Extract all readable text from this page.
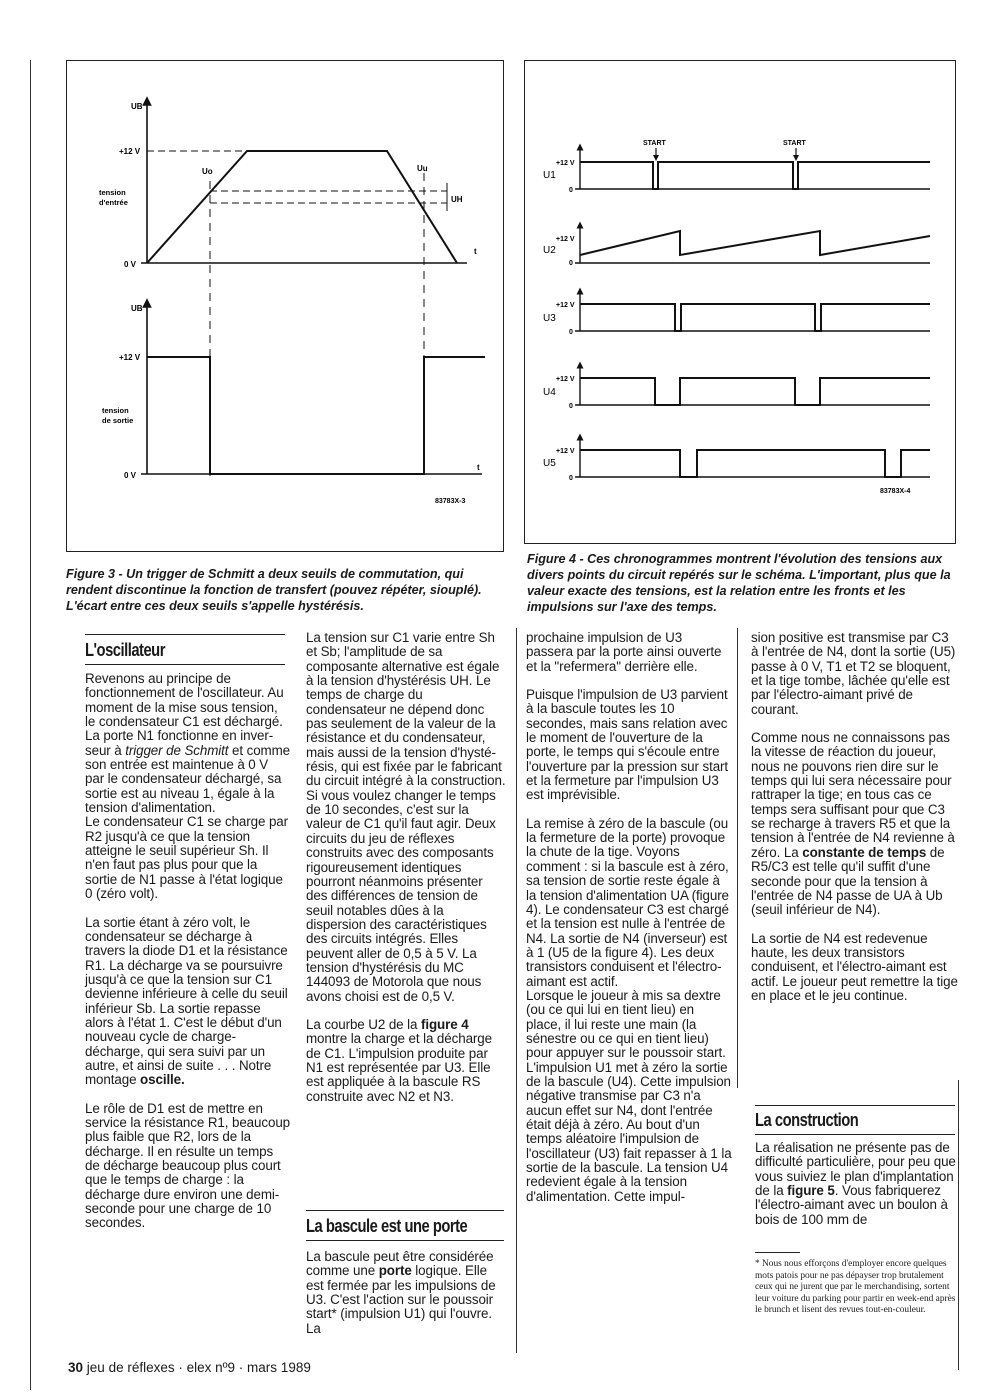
UB
+12 V
tension
d'entrée
0 V
Uo	Uu
UH
t
UB
+12 V
tension
de sortie
0 V
t
83783X-3

Figure 3 - Un trigger de Schmitt a deux seuils de commutation, qui rendent discontinue la fonction de transfert (pouvez répéter, sioupIé). L'écart entre ces deux seuils s'appelle hystérésis.

START	START
+12 V
U1
0
+12 V
U2
0
+12 V
U3
0
+12 V
U4
0
+12 V
U5
0
83783X-4

Figure 4 - Ces chronogrammes montrent l'évolution des tensions aux divers points du circuit repérés sur le schéma. L'important, plus que la valeur exacte des tensions, est la relation entre les fronts et les impulsions sur l'axe des temps.

L'oscillateur

Revenons au principe de fonctionnement de l'oscillateur. Au moment de la mise sous tension, le condensateur C1 est déchargé. La porte N1 fonctionne en inverseur à trigger de Schmitt et comme son entrée est maintenue à 0 V par le condensateur déchargé, sa sortie est au niveau 1, égale à la tension d'alimentation.

Le condensateur C1 se charge par R2 jusqu'à ce que la tension atteigne le seuil supérieur Sh. Il n'en faut pas plus pour que la sortie de N1 passe à l'état logique 0 (zéro volt).

La sortie étant à zéro volt, le condensateur se décharge à travers la diode D1 et la résistance R1. La décharge va se poursuivre jusqu'à ce que la tension sur C1 devienne inférieure à celle du seuil inférieur Sb. La sortie repasse alors à l'état 1. C'est le début d'un nouveau cycle de charge-décharge, qui sera suivi par un autre, et ainsi de suite . . . Notre montage oscille.

Le rôle de D1 est de mettre en service la résistance R1, beaucoup plus faible que R2, lors de la décharge. Il en résulte un temps de décharge beaucoup plus court que le temps de charge : la décharge dure environ une demi-seconde pour une charge de 10 secondes.

La tension sur C1 varie entre Sh et Sb; l'amplitude de sa composante alternative est égale à la tension d'hystérésis UH. Le temps de charge du condensateur ne dépend donc pas seulement de la valeur de la résistance et du condensateur, mais aussi de la tension d'hystérésis, qui est fixée par le fabricant du circuit intégré à la construction. Si vous voulez changer le temps de 10 secondes, c'est sur la valeur de C1 qu'il faut agir. Deux circuits du jeu de réflexes construits avec des composants rigoureusement identiques pourront néanmoins présenter des différences de tension de seuil notables dûes à la dispersion des caractéristiques des circuits intégrés. Elles peuvent aller de 0,5 à 5 V. La tension d'hystérésis du MC 144093 de Motorola que nous avons choisi est de 0,5 V.

La courbe U2 de la figure 4 montre la charge et la décharge de C1. L'impulsion produite par N1 est représentée par U3. Elle est appliquée à la bascule RS construite avec N2 et N3.

La bascule est une porte

La bascule peut être considérée comme une porte logique. Elle est fermée par les impulsions de U3. C'est l'action sur le poussoir start* (impulsion U1) qui l'ouvre. La

prochaine impulsion de U3 passera par la porte ainsi ouverte et la "refermera" derrière elle.

Puisque l'impulsion de U3 parvient à la bascule toutes les 10 secondes, mais sans relation avec le moment de l'ouverture de la porte, le temps qui s'écoule entre l'ouverture par la pression sur start et la fermeture par l'impulsion U3 est imprévisible.

La remise à zéro de la bascule (ou la fermeture de la porte) provoque la chute de la tige. Voyons comment : si la bascule est à zéro, sa tension de sortie reste égale à la tension d'alimentation UA (figure 4). Le condensateur C3 est chargé et la tension est nulle à l'entrée de N4. La sortie de N4 (inverseur) est à 1 (U5 de la figure 4). Les deux transistors conduisent et l'électro-aimant est actif.

Lorsque le joueur à mis sa dextre (ou ce qui lui en tient lieu) en place, il lui reste une main (la sénestre ou ce qui en tient lieu) pour appuyer sur le poussoir start.

L'impulsion U1 met à zéro la sortie de la bascule (U4). Cette impulsion négative transmise par C3 n'a aucun effet sur N4, dont l'entrée était déjà à zéro. Au bout d'un temps aléatoire l'impulsion de l'oscillateur (U3) fait repasser à 1 la sortie de la bascule. La tension U4 redevient égale à la tension d'alimentation. Cette impul-

sion positive est transmise par C3 à l'entrée de N4, dont la sortie (U5) passe à 0 V, T1 et T2 se bloquent, et la tige tombe, lâchée qu'elle est par l'électro-aimant privé de courant.

Comme nous ne connaissons pas la vitesse de réaction du joueur, nous ne pouvons rien dire sur le temps qui lui sera nécessaire pour rattraper la tige; en tous cas ce temps sera suffisant pour que C3 se recharge à travers R5 et que la tension à l'entrée de N4 revienne à zéro. La constante de temps de R5/C3 est telle qu'il suffit d'une seconde pour que la tension à l'entrée de N4 passe de UA à Ub (seuil inférieur de N4).

La sortie de N4 est redevenue haute, les deux transistors conduisent, et l'électro-aimant est actif. Le joueur peut remettre la tige en place et le jeu continue.

La construction

La réalisation ne présente pas de difficulté particulière, pour peu que vous suiviez le plan d'implantation de la figure 5. Vous fabriquerez l'électro-aimant avec un boulon à bois de 100 mm de

* Nous nous efforçons d'employer encore quelques mots patois pour ne pas dépayser trop brutalement ceux qui ne jurent que par le merchandising, sortent leur voiture du parking pour partir en week-end après le brunch et lisent des revues tout-en-couleur.

30 jeu de réflexes · elex nº9 · mars 1989
